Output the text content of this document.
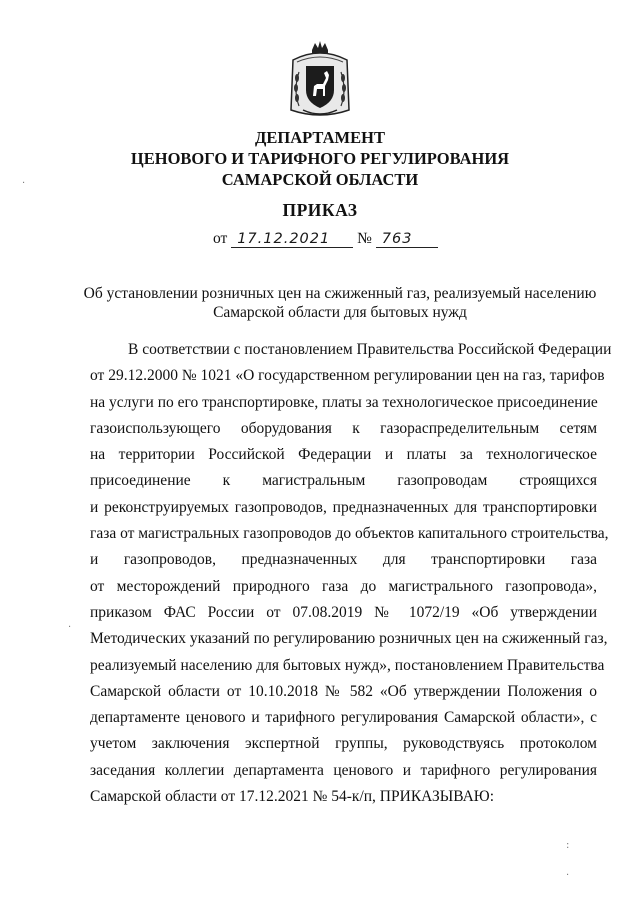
ДЕПАРТАМЕНТ
ЦЕНОВОГО И ТАРИФНОГО РЕГУЛИРОВАНИЯ
САМАРСКОЙ ОБЛАСТИ
ПРИКАЗ
от 17.12.2021 № 763
Об установлении розничных цен на сжиженный газ, реализуемый населению
Самарской области для бытовых нужд
В соответствии с постановлением Правительства Российской Федерации
от 29.12.2000 № 1021 «О государственном регулировании цен на газ, тарифов
на услуги по его транспортировке, платы за технологическое присоединение
газоиспользующего оборудования к газораспределительным сетям
на территории Российской Федерации и платы за технологическое
присоединение к магистральным газопроводам строящихся
и реконструируемых газопроводов, предназначенных для транспортировки
газа от магистральных газопроводов до объектов капитального строительства,
и газопроводов, предназначенных для транспортировки газа
от месторождений природного газа до магистрального газопровода»,
приказом ФАС России от 07.08.2019 № 1072/19 «Об утверждении
Методических указаний по регулированию розничных цен на сжиженный газ,
реализуемый населению для бытовых нужд», постановлением Правительства
Самарской области от 10.10.2018 № 582 «Об утверждении Положения о
департаменте ценового и тарифного регулирования Самарской области», с
учетом заключения экспертной группы, руководствуясь протоколом
заседания коллегии департамента ценового и тарифного регулирования
Самарской области от 17.12.2021 № 54-к/п, ПРИКАЗЫВАЮ:
·
·
:
·
